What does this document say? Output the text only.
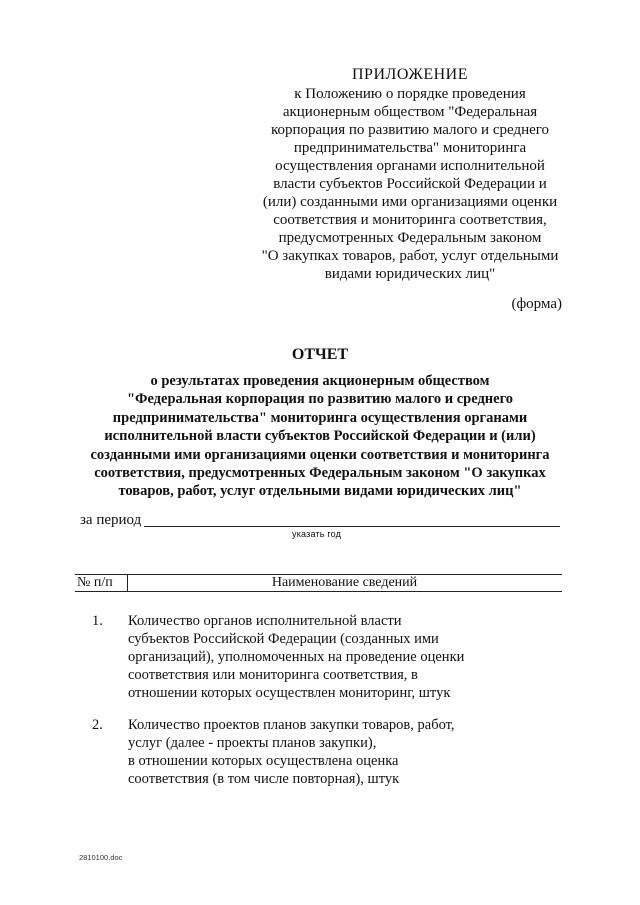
ПРИЛОЖЕНИЕ
к Положению о порядке проведения
акционерным обществом "Федеральная
корпорация по развитию малого и среднего
предпринимательства" мониторинга
осуществления органами исполнительной
власти субъектов Российской Федерации и
(или) созданными ими организациями оценки
соответствия и мониторинга соответствия,
предусмотренных Федеральным законом
"О закупках товаров, работ, услуг отдельными
видами юридических лиц"
(форма)
ОТЧЕТ
о результатах проведения акционерным обществом
"Федеральная корпорация по развитию малого и среднего
предпринимательства" мониторинга осуществления органами
исполнительной власти субъектов Российской Федерации и (или)
созданными ими организациями оценки соответствия и мониторинга
соответствия, предусмотренных Федеральным законом "О закупках
товаров, работ, услуг отдельными видами юридических лиц"
за период
указать год
№ п/п	Наименование сведений
1. Количество органов исполнительной власти
субъектов Российской Федерации (созданных ими
организаций), уполномоченных на проведение оценки
соответствия или мониторинга соответствия, в
отношении которых осуществлен мониторинг, штук
2. Количество проектов планов закупки товаров, работ,
услуг (далее - проекты планов закупки),
в отношении которых осуществлена оценка
соответствия (в том числе повторная), штук
2810100.doc
